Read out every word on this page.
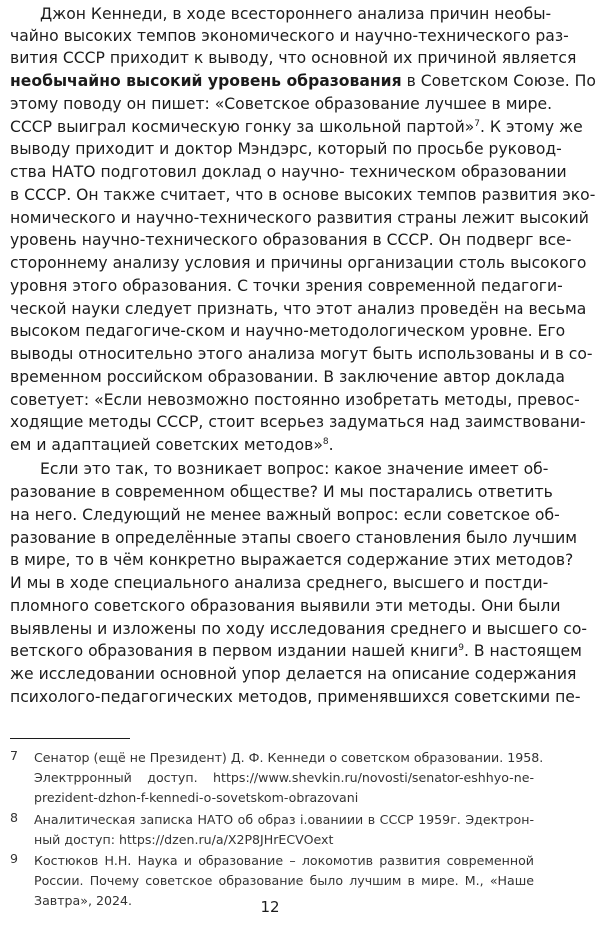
Джон Кеннеди, в ходе всестороннего анализа причин необы-
чайно высоких темпов экономического и научно-технического раз-
вития СССР приходит к выводу, что основной их причиной является
необычайно высокий уровень образования в Советском Союзе. По
этому поводу он пишет: «Советское образование лучшее в мире.
СССР выиграл космическую гонку за школьной партой»$^7$. К этому же
выводу приходит и доктор Мэндэрс, который по просьбе руковод-
ства НАТО подготовил доклад о научно- техническом образовании
в СССР. Он также считает, что в основе высоких темпов развития эко-
номического и научно-технического развития страны лежит высокий
уровень научно-технического образования в СССР. Он подверг все-
стороннему анализу условия и причины организации столь высокого
уровня этого образования. С точки зрения современной педагоги-
ческой науки следует признать, что этот анализ проведён на весьма
высоком педагогиче-ском и научно-методологическом уровне. Его
выводы относительно этого анализа могут быть использованы и в со-
временном российском образовании. В заключение автор доклада
советует: «Если невозможно постоянно изобретать методы, превос-
ходящие методы СССР, стоит всерьез задуматься над заимствовани-
ем и адаптацией советских методов»$^8$.
Если это так, то возникает вопрос: какое значение имеет об-
разование в современном обществе? И мы постарались ответить
на него. Следующий не менее важный вопрос: если советское об-
разование в определённые этапы своего становления было лучшим
в мире, то в чём конкретно выражается содержание этих методов?
И мы в ходе специального анализа среднего, высшего и постди-
пломного советского образования выявили эти методы. Они были
выявлены и изложены по ходу исследования среднего и высшего со-
ветского образования в первом издании нашей книги$^9$. В настоящем
же исследовании основной упор делается на описание содержания
психолого-педагогических методов, применявшихся советскими пе-
7 Сенатор (ещё не Президент) Д. Ф. Кеннеди о советском образовании. 1958.
Электрронный доступ. https://www.shevkin.ru/novosti/senator-eshhyo-ne-
prezident-dzhon-f-kennedi-o-sovetskom-obrazovani
8 Аналитическая записка НАТО об образ i.ованиии в СССР 1959г. Эдектрон-
ный доступ: https://dzen.ru/a/X2P8JHrECVOext
9 Костюков Н.Н. Наука и образование – локомотив развития современной
России. Почему советское образование было лучшим в мире. М., «Наше
Завтра», 2024.	12
